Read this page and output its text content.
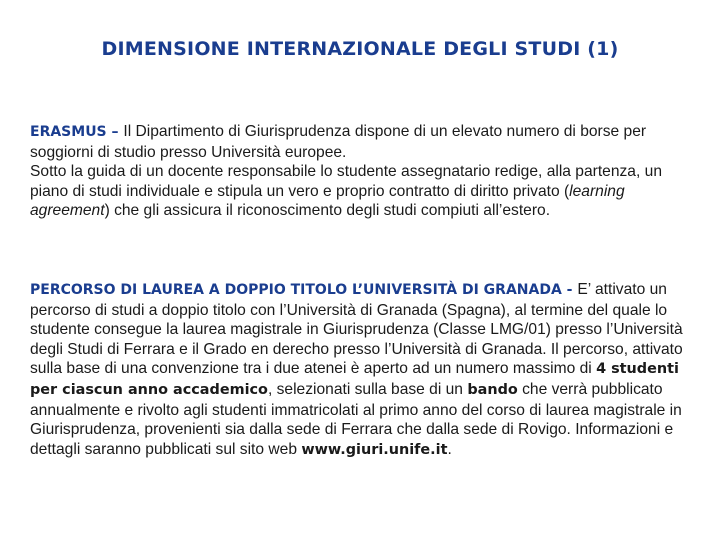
DIMENSIONE INTERNAZIONALE DEGLI STUDI (1)

ERASMUS – Il Dipartimento di Giurisprudenza dispone di un elevato numero di borse per soggiorni di studio presso Università europee.

Sotto la guida di un docente responsabile lo studente assegnatario redige, alla partenza, un piano di studi individuale e stipula un vero e proprio contratto di diritto privato (learning agreement) che gli assicura il riconoscimento degli studi compiuti all’estero.

PERCORSO DI LAUREA A DOPPIO TITOLO L’UNIVERSITÀ DI GRANADA - E’ attivato un percorso di studi a doppio titolo con l’Università di Granada (Spagna), al termine del quale lo studente consegue la laurea magistrale in Giurisprudenza (Classe LMG/01) presso l’Università degli Studi di Ferrara e il Grado en derecho presso l’Università di Granada. Il percorso, attivato sulla base di una convenzione tra i due atenei è aperto ad un numero massimo di 4 studenti per ciascun anno accademico, selezionati sulla base di un bando che verrà pubblicato annualmente e rivolto agli studenti immatricolati al primo anno del corso di laurea magistrale in Giurisprudenza, provenienti sia dalla sede di Ferrara che dalla sede di Rovigo. Informazioni e dettagli saranno pubblicati sul sito web www.giuri.unife.it.
